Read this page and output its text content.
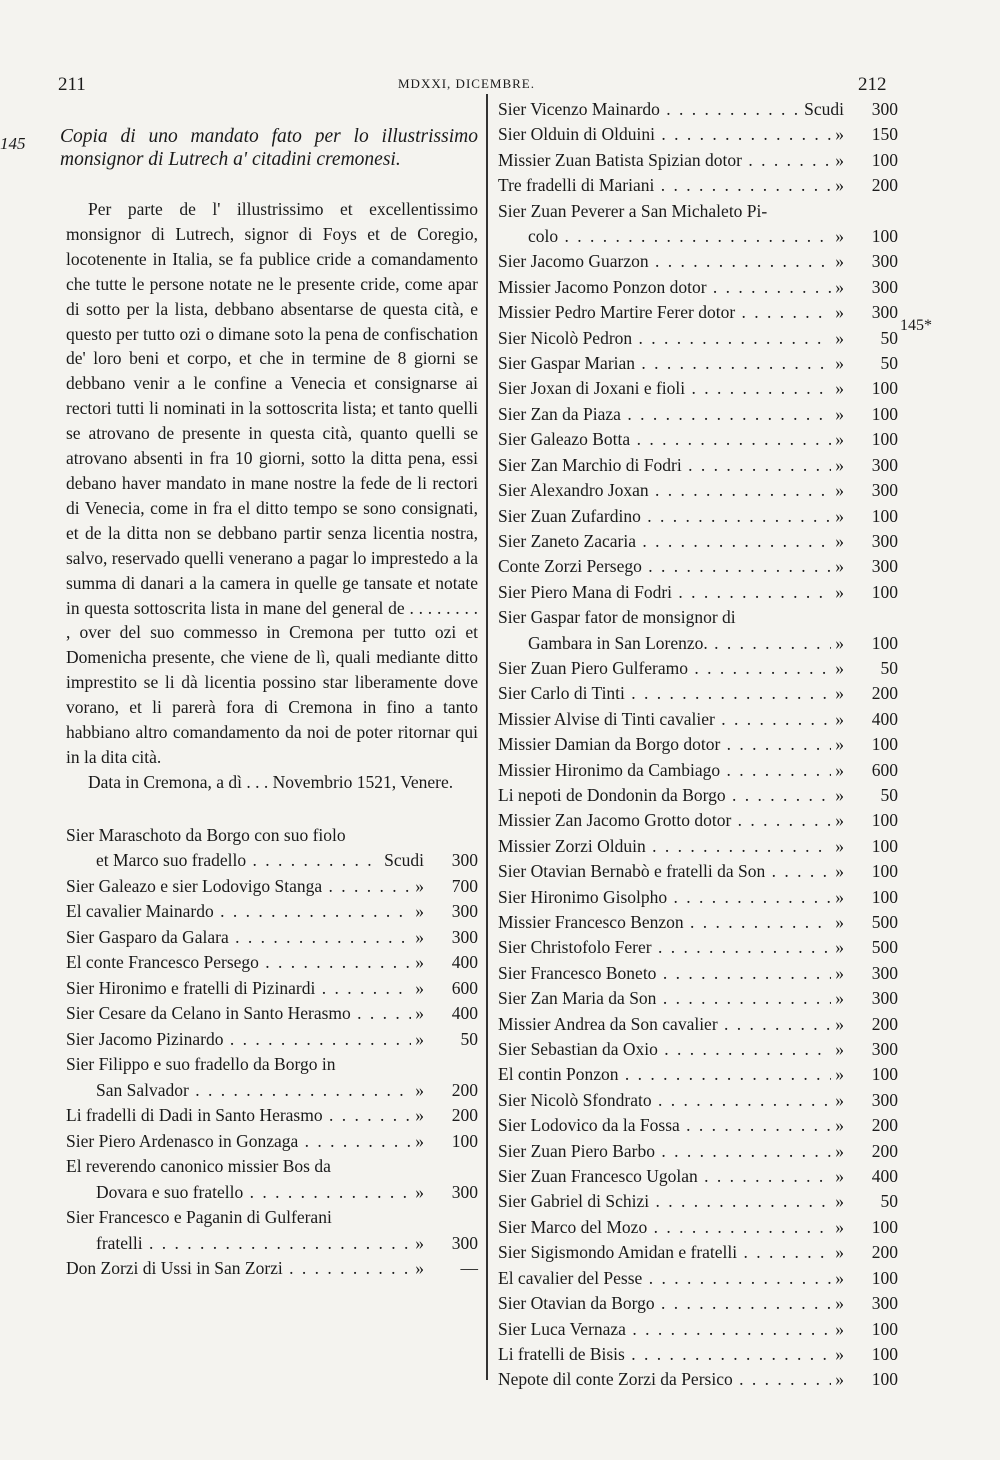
211	MDXXI, DICEMBRE.	212
145 Copia di uno mandato fato per lo illustrissimo monsignor di Lutrech a' citadini cremonesi.

Per parte de l' illustrissimo et excellentissimo monsignor di Lutrech, signor di Foys et de Coregio, locotenente in Italia, se fa publice cride a comandamento che tutte le persone notate ne le presente cride, come apar di sotto per la lista, debbano absentarse de questa cità, e questo per tutto ozi o dimane soto la pena de confischation de' loro beni et corpo, et che in termine de 8 giorni se debbano venir a le confine a Venecia et consignarse ai rectori tutti li nominati in la sottoscrita lista; et tanto quelli se atrovano de presente in questa cità, quanto quelli se atrovano absenti in fra 10 giorni, sotto la ditta pena, essi debano haver mandato in mane nostre la fede de li rectori di Venecia, come in fra el ditto tempo se sono consignati, et de la ditta non se debbano partir senza licentia nostra, salvo, reservado quelli venerano a pagar lo imprestedo a la summa di danari a la camera in quelle ge tansate et notate in questa sottoscrita lista in mane del general de . . . . . . . . , over del suo commesso in Cremona per tutto ozi et Domenicha presente, che viene de lì, quali mediante ditto imprestito se li dà licentia possino star liberamente dove vorano, et li parerà fora di Cremona in fino a tanto habbiano altro comandamento da noi de poter ritornar qui in la dita cità.

Data in Cremona, a dì . . . Novembrio 1521, Venere.

Sier Maraschoto da Borgo con suo fiolo
et Marco suo fradello . . .	Scudi	300
Sier Galeazo e sier Lodovigo Stanga . . .	»	700
El cavalier Mainardo . . .	»	300
Sier Gasparo da Galara . . .	»	300
El conte Francesco Persego . . .	»	400
Sier Hironimo e fratelli di Pizinardi . . .	»	600
Sier Cesare da Celano in Santo Herasmo . . .	»	400
Sier Jacomo Pizinardo . . .	»	50
Sier Filippo e suo fradello da Borgo in
San Salvador . . .	»	200
Li fradelli di Dadi in Santo Herasmo . . .	»	200
Sier Piero Ardenasco in Gonzaga . . .	»	100
El reverendo canonico missier Bos da
Dovara e suo fratello . . .	»	300
Sier Francesco e Paganin di Gulferani
fratelli . . .	»	300
Don Zorzi di Ussi in San Zorzi . . .	»	—
Sier Vicenzo Mainardo . . .	Scudi	300
Sier Olduin di Olduini . . .	»	150
Missier Zuan Batista Spizian dotor . . .	»	100
Tre fradelli di Mariani . . .	»	200
Sier Zuan Peverer a San Michaleto Pi-
colo . . .	»	100
Sier Jacomo Guarzon . . .	»	300
Missier Jacomo Ponzon dotor . . .	»	300
Missier Pedro Martire Ferer dotor . . .	»	300
Sier Nicolò Pedron . . .	»	50
Sier Gaspar Marian . . .	»	50
Sier Joxan di Joxani e fioli . . .	»	100
Sier Zan da Piaza . . .	»	100
Sier Galeazo Botta . . .	»	100
Sier Zan Marchio di Fodri . . .	»	300
Sier Alexandro Joxan . . .	»	300
Sier Zuan Zufardino . . .	»	100
Sier Zaneto Zacaria . . .	»	300
Conte Zorzi Persego . . .	»	300
Sier Piero Mana di Fodri . . .	»	100
Sier Gaspar fator de monsignor di
Gambara in San Lorenzo. . . .	»	100
Sier Zuan Piero Gulferamo . . .	»	50
Sier Carlo di Tinti . . .	»	200
Missier Alvise di Tinti cavalier . . .	»	400
Missier Damian da Borgo dotor . . .	»	100
Missier Hironimo da Cambiago . . .	»	600
Li nepoti de Dondonin da Borgo . . .	»	50
Missier Zan Jacomo Grotto dotor . . .	»	100
Missier Zorzi Olduin . . .	»	100
Sier Otavian Bernabò e fratelli da Son . . .	»	100
Sier Hironimo Gisolpho . . .	»	100
Missier Francesco Benzon . . .	»	500
Sier Christofolo Ferer . . .	»	500
Sier Francesco Boneto . . .	»	300
Sier Zan Maria da Son . . .	»	300
Missier Andrea da Son cavalier . . .	»	200
Sier Sebastian da Oxio . . .	»	300
El contin Ponzon . . .	»	100
Sier Nicolò Sfondrato . . .	»	300
Sier Lodovico da la Fossa . . .	»	200
Sier Zuan Piero Barbo . . .	»	200
Sier Zuan Francesco Ugolan . . .	»	400
Sier Gabriel di Schizi . . .	»	50
Sier Marco del Mozo . . .	»	100
Sier Sigismondo Amidan e fratelli . . .	»	200
El cavalier del Pesse . . .	»	100
Sier Otavian da Borgo . . .	»	300
Sier Luca Vernaza . . .	»	100
Li fratelli de Bisis . . .	»	100
Nepote dil conte Zorzi da Persico . . .	»	100
145*
